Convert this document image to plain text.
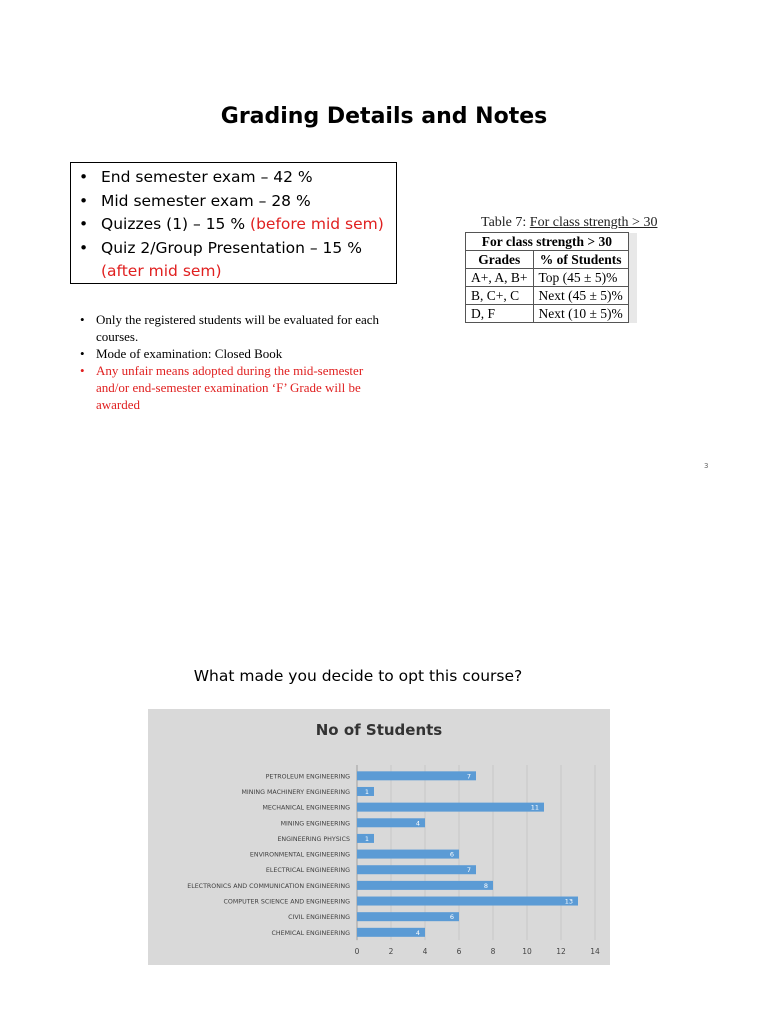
Grading Details and Notes
• End semester exam – 42 %
• Mid semester exam – 28 %
• Quizzes (1) – 15 % (before mid sem)
• Quiz 2/Group Presentation – 15 %
(after mid sem)
• Only the registered students will be evaluated for each courses.
• Mode of examination: Closed Book
• Any unfair means adopted during the mid-semester and/or end-semester examination ‘F’ Grade will be awarded
Table 7: For class strength > 30
For class strength > 30		
Grades	% of Students	
A+, A, B+	Top (45 ± 5)%	
B, C+, C	Next (45 ± 5)%	
D, F	Next (10 ± 5)%	
3
What made you decide to opt this course?
No of Students
0	2	4	6	8	10	12	14
PETROLEUM ENGINEERING	7
MINING MACHINERY ENGINEERING 1
MECHANICAL ENGINEERING	11
MINING ENGINEERING	4
ENGINEERING PHYSICS 1
ENVIRONMENTAL ENGINEERING	6
ELECTRICAL ENGINEERING	7
ELECTRONICS AND COMMUNICATION ENGINEERING	8
COMPUTER SCIENCE AND ENGINEERING	13
CIVIL ENGINEERING	6
CHEMICAL ENGINEERING	4
